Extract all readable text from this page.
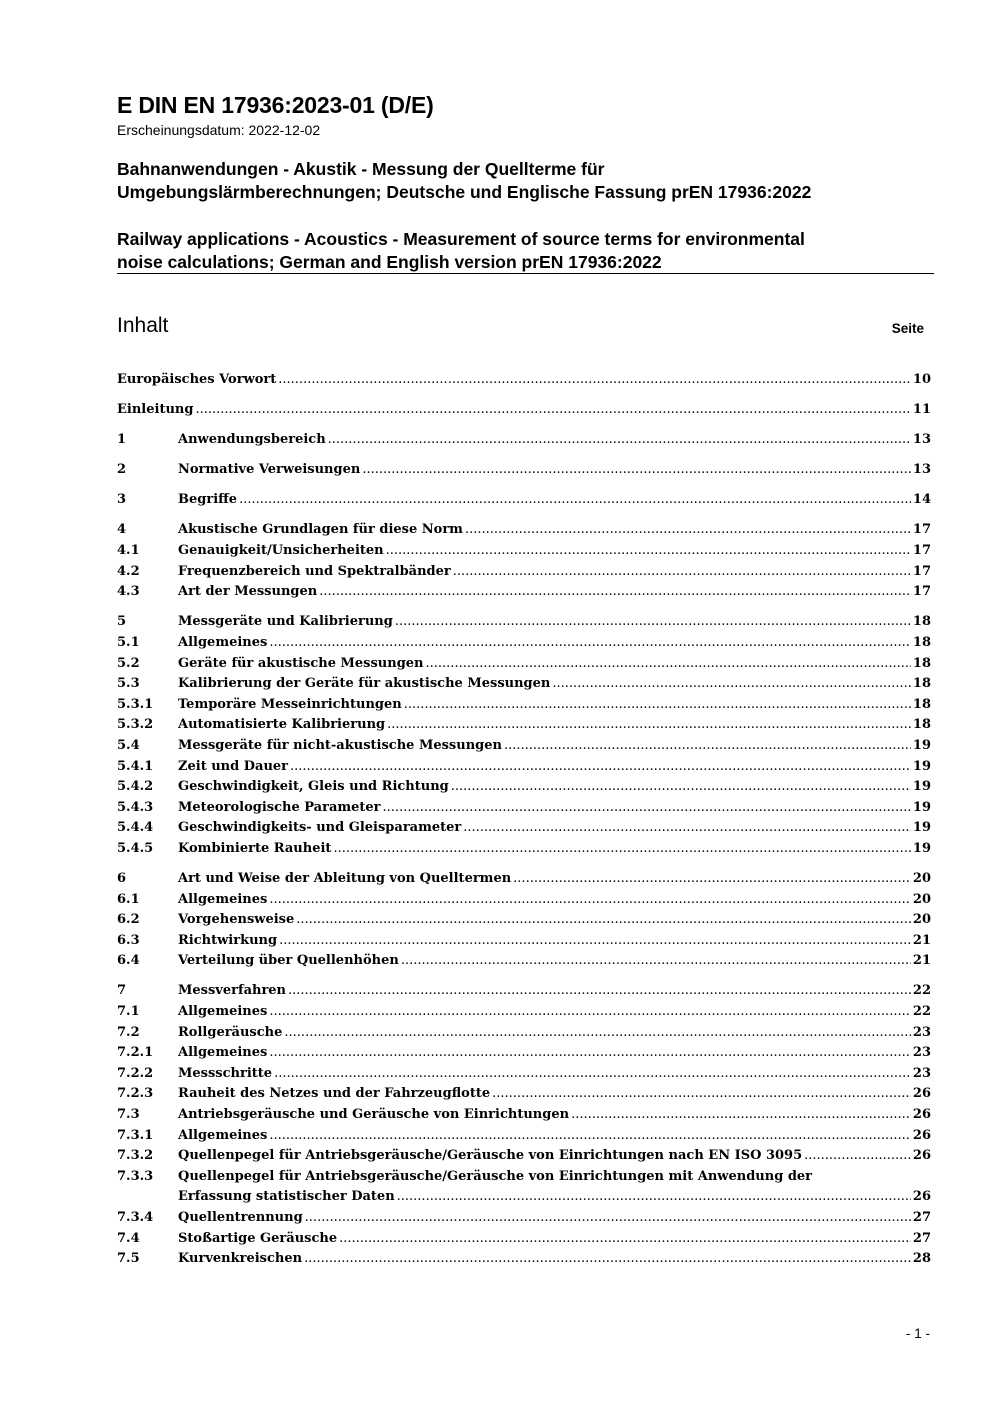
E DIN EN 17936:2023-01 (D/E)
Erscheinungsdatum: 2022-12-02
Bahnanwendungen - Akustik - Messung der Quellterme für
Umgebungslärmberechnungen; Deutsche und Englische Fassung prEN 17936:2022
Railway applications - Acoustics - Measurement of source terms for environmental
noise calculations; German and English version prEN 17936:2022
Inhalt	Seite
Europäisches Vorwort .....	10
Einleitung .....	11
1	Anwendungsbereich .....	13
2	Normative Verweisungen .....	13
3	Begriffe .....	14
4	Akustische Grundlagen für diese Norm .....	17
4.1	Genauigkeit/Unsicherheiten .....	17
4.2	Frequenzbereich und Spektralbänder .....	17
4.3	Art der Messungen .....	17
5	Messgeräte und Kalibrierung .....	18
5.1	Allgemeines .....	18
5.2	Geräte für akustische Messungen .....	18
5.3	Kalibrierung der Geräte für akustische Messungen .....	18
5.3.1 Temporäre Messeinrichtungen .....	18
5.3.2 Automatisierte Kalibrierung .....	18
5.4	Messgeräte für nicht-akustische Messungen .....	19
5.4.1 Zeit und Dauer .....	19
5.4.2 Geschwindigkeit, Gleis und Richtung .....	19
5.4.3 Meteorologische Parameter .....	19
5.4.4 Geschwindigkeits- und Gleisparameter .....	19
5.4.5 Kombinierte Rauheit .....	19
6	Art und Weise der Ableitung von Quelltermen .....	20
6.1	Allgemeines .....	20
6.2	Vorgehensweise .....	20
6.3	Richtwirkung .....	21
6.4	Verteilung über Quellenhöhen .....	21
7	Messverfahren .....	22
7.1	Allgemeines .....	22
7.2	Rollgeräusche .....	23
7.2.1 Allgemeines .....	23
7.2.2 Messschritte .....	23
7.2.3 Rauheit des Netzes und der Fahrzeugflotte .....	26
7.3	Antriebsgeräusche und Geräusche von Einrichtungen .....	26
7.3.1 Allgemeines .....	26
7.3.2 Quellenpegel für Antriebsgeräusche/Geräusche von Einrichtungen nach EN ISO 3095 .....	26
7.3.3 Quellenpegel für Antriebsgeräusche/Geräusche von Einrichtungen mit Anwendung der
Erfassung statistischer Daten .....	26
7.3.4 Quellentrennung .....	27
7.4	Stoßartige Geräusche .....	27
7.5	Kurvenkreischen .....	28
- 1 -
